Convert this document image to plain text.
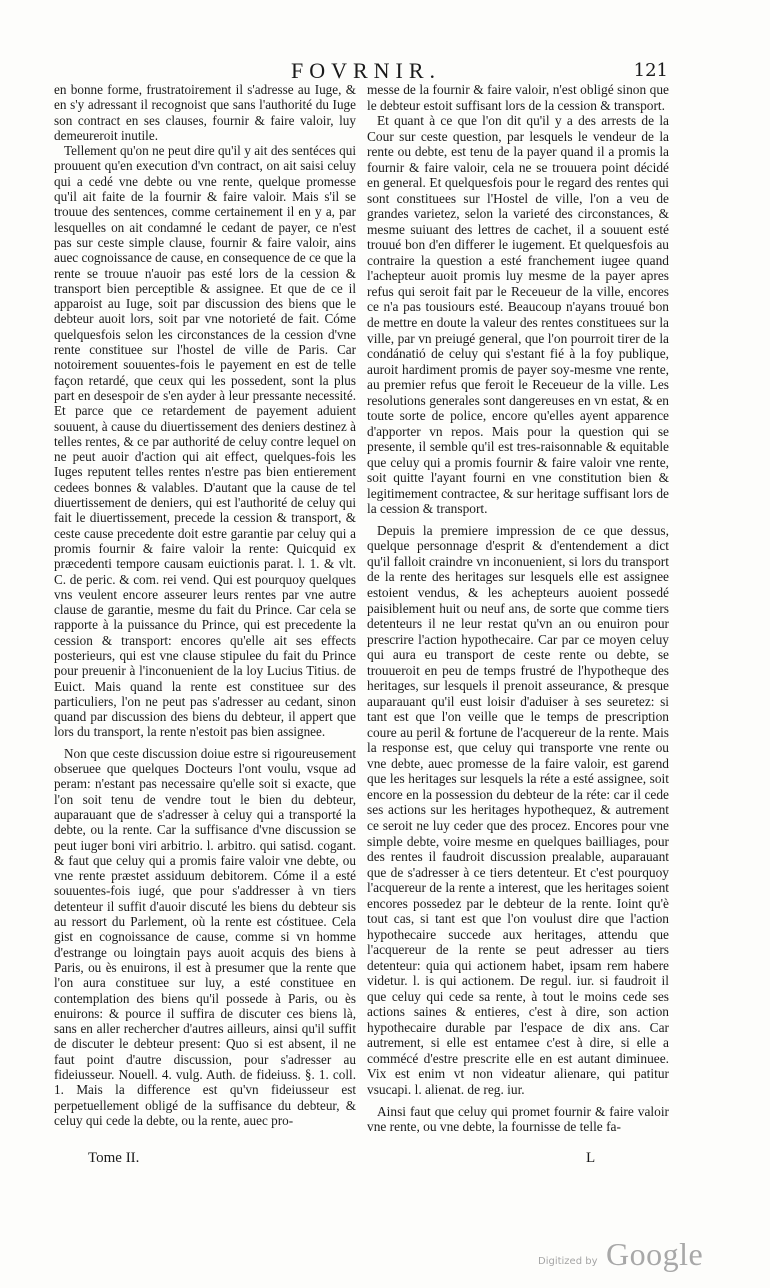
FOVRNIR.	121

en bonne forme, frustratoirement il s'adresse au Iuge, & en s'y adressant il recognoist que sans l'authorité du Iuge son contract en ses clauses, fournir & faire valoir, luy demeureroit inutile.

Tellement qu'on ne peut dire qu'il y ait des sentéces qui prouuent qu'en execution d'vn contract, on ait saisi celuy qui a cedé vne debte ou vne rente, quelque promesse qu'il ait faite de la fournir & faire valoir. Mais s'il se trouue des sentences, comme certainement il en y a, par lesquelles on ait condamné le cedant de payer, ce n'est pas sur ceste simple clause, fournir & faire valoir, ains auec cognoissance de cause, en consequence de ce que la rente se trouue n'auoir pas esté lors de la cession & transport bien perceptible & assignee. Et que de ce il apparoist au Iuge, soit par discussion des biens que le debteur auoit lors, soit par vne notorieté de fait. Cóme quelquesfois selon les circonstances de la cession d'vne rente constituee sur l'hostel de ville de Paris. Car notoirement souuentes-fois le payement en est de telle façon retardé, que ceux qui les possedent, sont la plus part en desespoir de s'en ayder à leur pressante necessité. Et parce que ce retardement de payement aduient souuent, à cause du diuertissement des deniers destinez à telles rentes, & ce par authorité de celuy contre lequel on ne peut auoir d'action qui ait effect, quelques-fois les Iuges reputent telles rentes n'estre pas bien entierement cedees bonnes & valables. D'autant que la cause de tel diuertissement de deniers, qui est l'authorité de celuy qui fait le diuertissement, precede la cession & transport, & ceste cause precedente doit estre garantie par celuy qui a promis fournir & faire valoir la rente: Quicquid ex præcedenti tempore causam euictionis parat. l. 1. & vlt. C. de peric. & com. rei vend. Qui est pourquoy quelques vns veulent encore asseurer leurs rentes par vne autre clause de garantie, mesme du fait du Prince. Car cela se rapporte à la puissance du Prince, qui est precedente la cession & transport: encores qu'elle ait ses effects posterieurs, qui est vne clause stipulee du fait du Prince pour preuenir à l'inconuenient de la loy Lucius Titius. de Euict. Mais quand la rente est constituee sur des particuliers, l'on ne peut pas s'adresser au cedant, sinon quand par discussion des biens du debteur, il appert que lors du transport, la rente n'estoit pas bien assignee.

Non que ceste discussion doiue estre si rigoureusement obseruee que quelques Docteurs l'ont voulu, vsque ad peram: n'estant pas necessaire qu'elle soit si exacte, que l'on soit tenu de vendre tout le bien du debteur, auparauant que de s'adresser à celuy qui a transporté la debte, ou la rente. Car la suffisance d'vne discussion se peut iuger boni viri arbitrio. l. arbitro. qui satisd. cogant. & faut que celuy qui a promis faire valoir vne debte, ou vne rente præstet assiduum debitorem. Cóme il a esté souuentes-fois iugé, que pour s'addresser à vn tiers detenteur il suffit d'auoir discuté les biens du debteur sis au ressort du Parlement, où la rente est cóstituee. Cela gist en cognoissance de cause, comme si vn homme d'estrange ou loingtain pays auoit acquis des biens à Paris, ou ès enuirons, il est à presumer que la rente que l'on aura constituee sur luy, a esté constituee en contemplation des biens qu'il possede à Paris, ou ès enuirons: & pource il suffira de discuter ces biens là, sans en aller rechercher d'autres ailleurs, ainsi qu'il suffit de discuter le debteur present: Quo si est absent, il ne faut point d'autre discussion, pour s'adresser au fideiusseur. Nouell. 4. vulg. Auth. de fideiuss. §. 1. coll. 1. Mais la difference est qu'vn fideiusseur est perpetuellement obligé de la suffisance du debteur, & celuy qui cede la debte, ou la rente, auec pro-

messe de la fournir & faire valoir, n'est obligé sinon que le debteur estoit suffisant lors de la cession & transport.

Et quant à ce que l'on dit qu'il y a des arrests de la Cour sur ceste question, par lesquels le vendeur de la rente ou debte, est tenu de la payer quand il a promis la fournir & faire valoir, cela ne se trouuera point décidé en general. Et quelquesfois pour le regard des rentes qui sont constituees sur l'Hostel de ville, l'on a veu de grandes varietez, selon la varieté des circonstances, & mesme suiuant des lettres de cachet, il a souuent esté trouué bon d'en differer le iugement. Et quelquesfois au contraire la question a esté franchement iugee quand l'achepteur auoit promis luy mesme de la payer apres refus qui seroit fait par le Receueur de la ville, encores ce n'a pas tousiours esté. Beaucoup n'ayans trouué bon de mettre en doute la valeur des rentes constituees sur la ville, par vn preiugé general, que l'on pourroit tirer de la condánatió de celuy qui s'estant fié à la foy publique, auroit hardiment promis de payer soy-mesme vne rente, au premier refus que feroit le Receueur de la ville. Les resolutions generales sont dangereuses en vn estat, & en toute sorte de police, encore qu'elles ayent apparence d'apporter vn repos. Mais pour la question qui se presente, il semble qu'il est tres-raisonnable & equitable que celuy qui a promis fournir & faire valoir vne rente, soit quitte l'ayant fourni en vne constitution bien & legitimement contractee, & sur heritage suffisant lors de la cession & transport.

Depuis la premiere impression de ce que dessus, quelque personnage d'esprit & d'entendement a dict qu'il falloit craindre vn inconuenient, si lors du transport de la rente des heritages sur lesquels elle est assignee estoient vendus, & les achepteurs auoient possedé paisiblement huit ou neuf ans, de sorte que comme tiers detenteurs il ne leur restat qu'vn an ou enuiron pour prescrire l'action hypothecaire. Car par ce moyen celuy qui aura eu transport de ceste rente ou debte, se trouueroit en peu de temps frustré de l'hypotheque des heritages, sur lesquels il prenoit asseurance, & presque auparauant qu'il eust loisir d'aduiser à ses seuretez: si tant est que l'on veille que le temps de prescription coure au peril & fortune de l'acquereur de la rente. Mais la response est, que celuy qui transporte vne rente ou vne debte, auec promesse de la faire valoir, est garend que les heritages sur lesquels la réte a esté assignee, soit encore en la possession du debteur de la réte: car il cede ses actions sur les heritages hypothequez, & autrement ce seroit ne luy ceder que des procez. Encores pour vne simple debte, voire mesme en quelques bailliages, pour des rentes il faudroit discussion prealable, auparauant que de s'adresser à ce tiers detenteur. Et c'est pourquoy l'acquereur de la rente a interest, que les heritages soient encores possedez par le debteur de la rente. Ioint qu'è tout cas, si tant est que l'on voulust dire que l'action hypothecaire succede aux heritages, attendu que l'acquereur de la rente se peut adresser au tiers detenteur: quia qui actionem habet, ipsam rem habere videtur. l. is qui actionem. De regul. iur. si faudroit il que celuy qui cede sa rente, à tout le moins cede ses actions saines & entieres, c'est à dire, son action hypothecaire durable par l'espace de dix ans. Car autrement, si elle est entamee c'est à dire, si elle a commécé d'estre prescrite elle en est autant diminuee. Vix est enim vt non videatur alienare, qui patitur vsucapi. l. alienat. de reg. iur.

Ainsi faut que celuy qui promet fournir & faire valoir vne rente, ou vne debte, la fournisse de telle fa-

Tome II.	L
Digitized by Google
